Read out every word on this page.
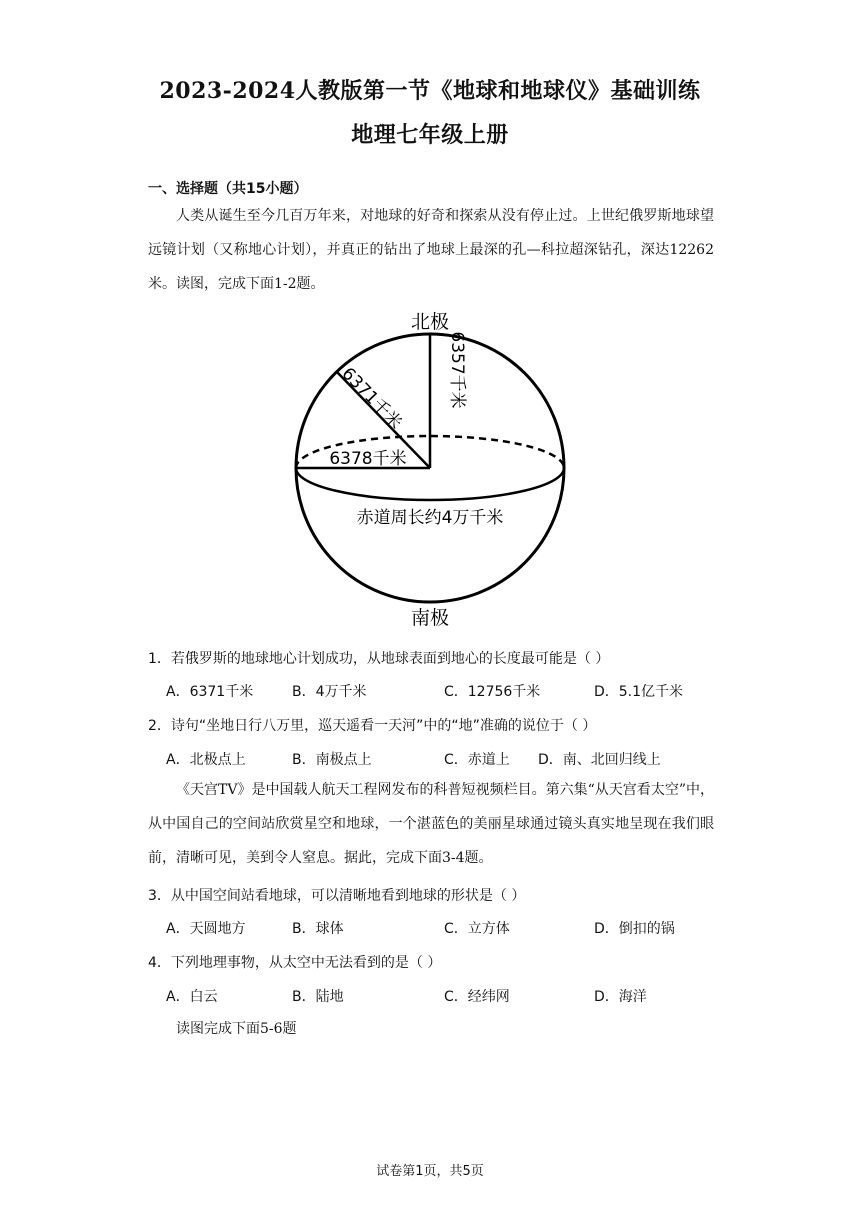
2023-2024人教版第一节《地球和地球仪》基础训练
地理七年级上册
一、选择题（共15小题）

人类从诞生至今几百万年来，对地球的好奇和探索从没有停止过。上世纪俄罗斯地球望远镜计划（又称地心计划），并真正的钻出了地球上最深的孔—科拉超深钻孔，深达12262米。读图，完成下面1-2题。

北极
南极
6357千米
6371千米
6378千米
赤道周长约4万千米
1．若俄罗斯的地球地心计划成功，从地球表面到地心的长度最可能是（ ）
A．6371千米	B．4万千米	C．12756千米	D．5.1亿千米
2．诗句“坐地日行八万里，巡天遥看一天河”中的“地”准确的说位于（ ）
A．北极点上	B．南极点上	C．赤道上 D．南、北回归线上

《天宫TV》是中国载人航天工程网发布的科普短视频栏目。第六集“从天宫看太空”中，从中国自己的空间站欣赏星空和地球，一个湛蓝色的美丽星球通过镜头真实地呈现在我们眼前，清晰可见，美到令人窒息。据此，完成下面3-4题。

3．从中国空间站看地球，可以清晰地看到地球的形状是（ ）
A．天圆地方	B．球体	C．立方体	D．倒扣的锅
4．下列地理事物，从太空中无法看到的是（ ）
A．白云	B．陆地	C．经纬网	D．海洋
读图完成下面5-6题
试卷第1页，共5页
